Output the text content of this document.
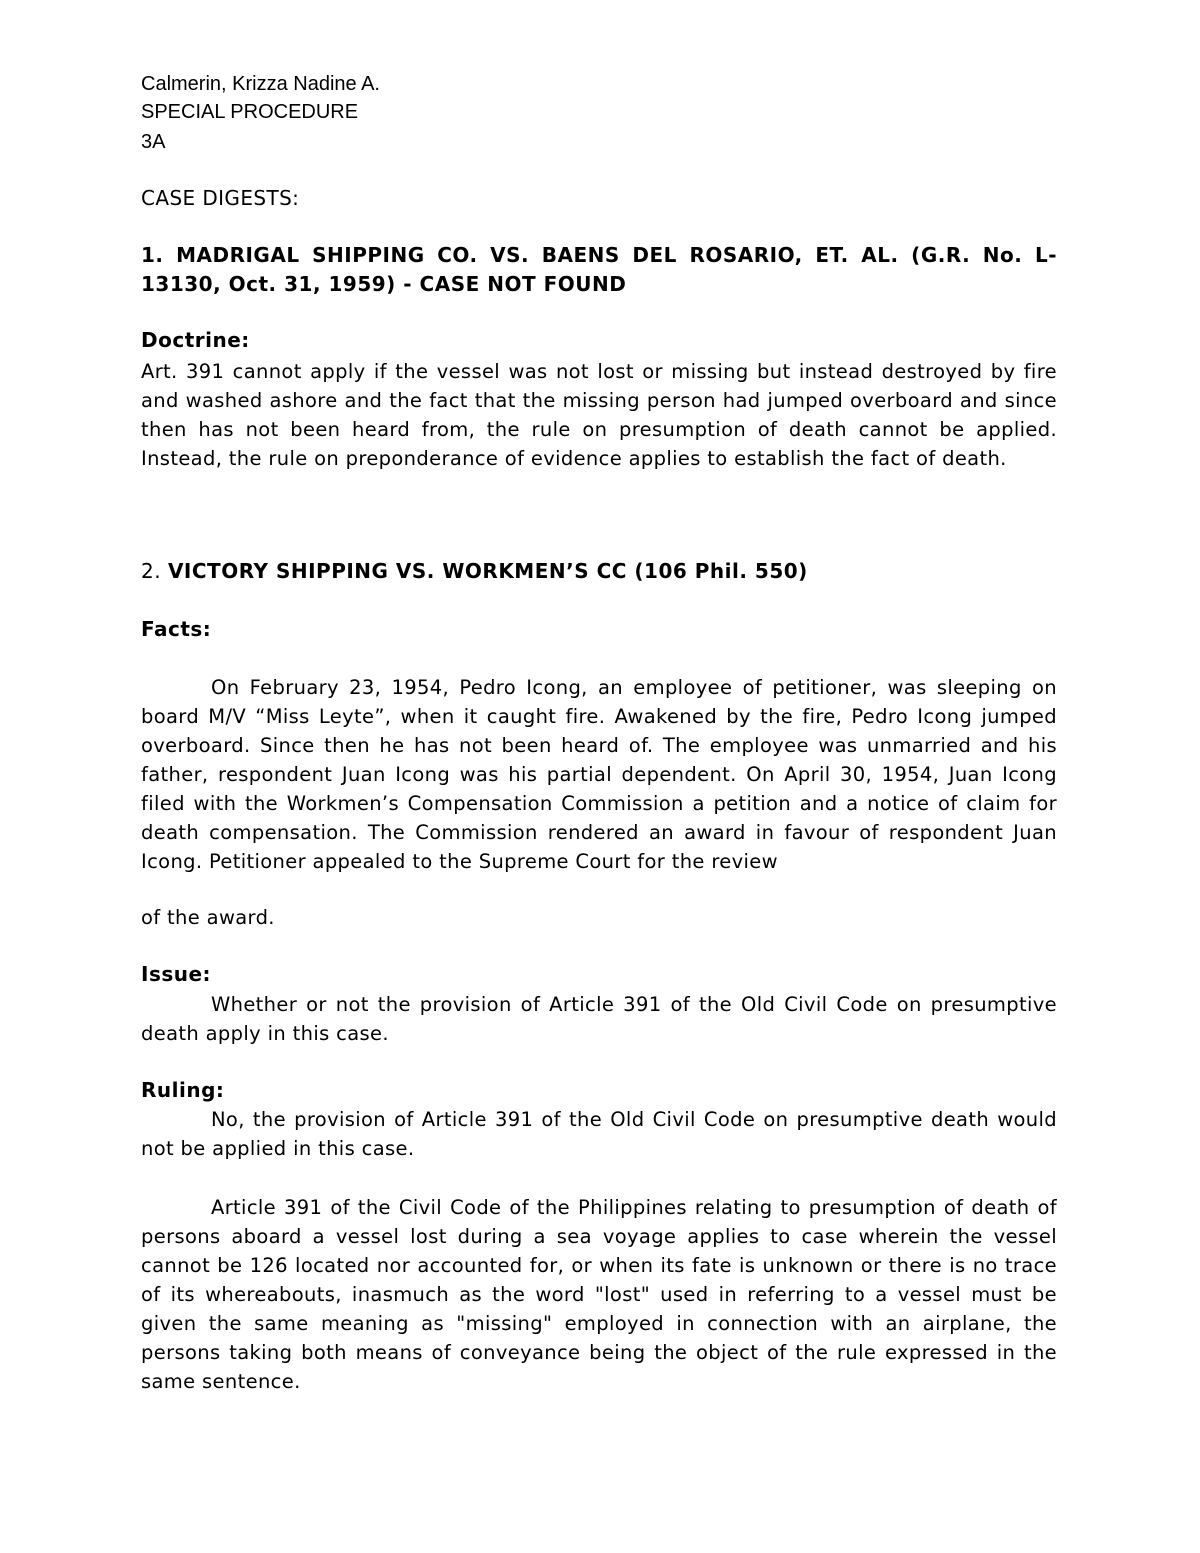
Calmerin, Krizza Nadine A.

SPECIAL PROCEDURE

3A

CASE DIGESTS:

1. MADRIGAL SHIPPING CO. VS. BAENS DEL ROSARIO, ET. AL. (G.R. No. L-13130, Oct. 31, 1959) - CASE NOT FOUND

Doctrine:

Art. 391 cannot apply if the vessel was not lost or missing but instead destroyed by fire and washed ashore and the fact that the missing person had jumped overboard and since then has not been heard from, the rule on presumption of death cannot be applied. Instead, the rule on preponderance of evidence applies to establish the fact of death.

2. VICTORY SHIPPING VS. WORKMEN’S CC (106 Phil. 550)

Facts:

On February 23, 1954, Pedro Icong, an employee of petitioner, was sleeping on board M/V “Miss Leyte”, when it caught fire. Awakened by the fire, Pedro Icong jumped overboard. Since then he has not been heard of. The employee was unmarried and his father, respondent Juan Icong was his partial dependent. On April 30, 1954, Juan Icong filed with the Workmen’s Compensation Commission a petition and a notice of claim for death compensation. The Commission rendered an award in favour of respondent Juan Icong. Petitioner appealed to the Supreme Court for the review

of the award.

Issue:

Whether or not the provision of Article 391 of the Old Civil Code on presumptive death apply in this case.

Ruling:

No, the provision of Article 391 of the Old Civil Code on presumptive death would not be applied in this case.

Article 391 of the Civil Code of the Philippines relating to presumption of death of persons aboard a vessel lost during a sea voyage applies to case wherein the vessel cannot be 126 located nor accounted for, or when its fate is unknown or there is no trace of its whereabouts, inasmuch as the word "lost" used in referring to a vessel must be given the same meaning as "missing" employed in connection with an airplane, the persons taking both means of conveyance being the object of the rule expressed in the same sentence.
